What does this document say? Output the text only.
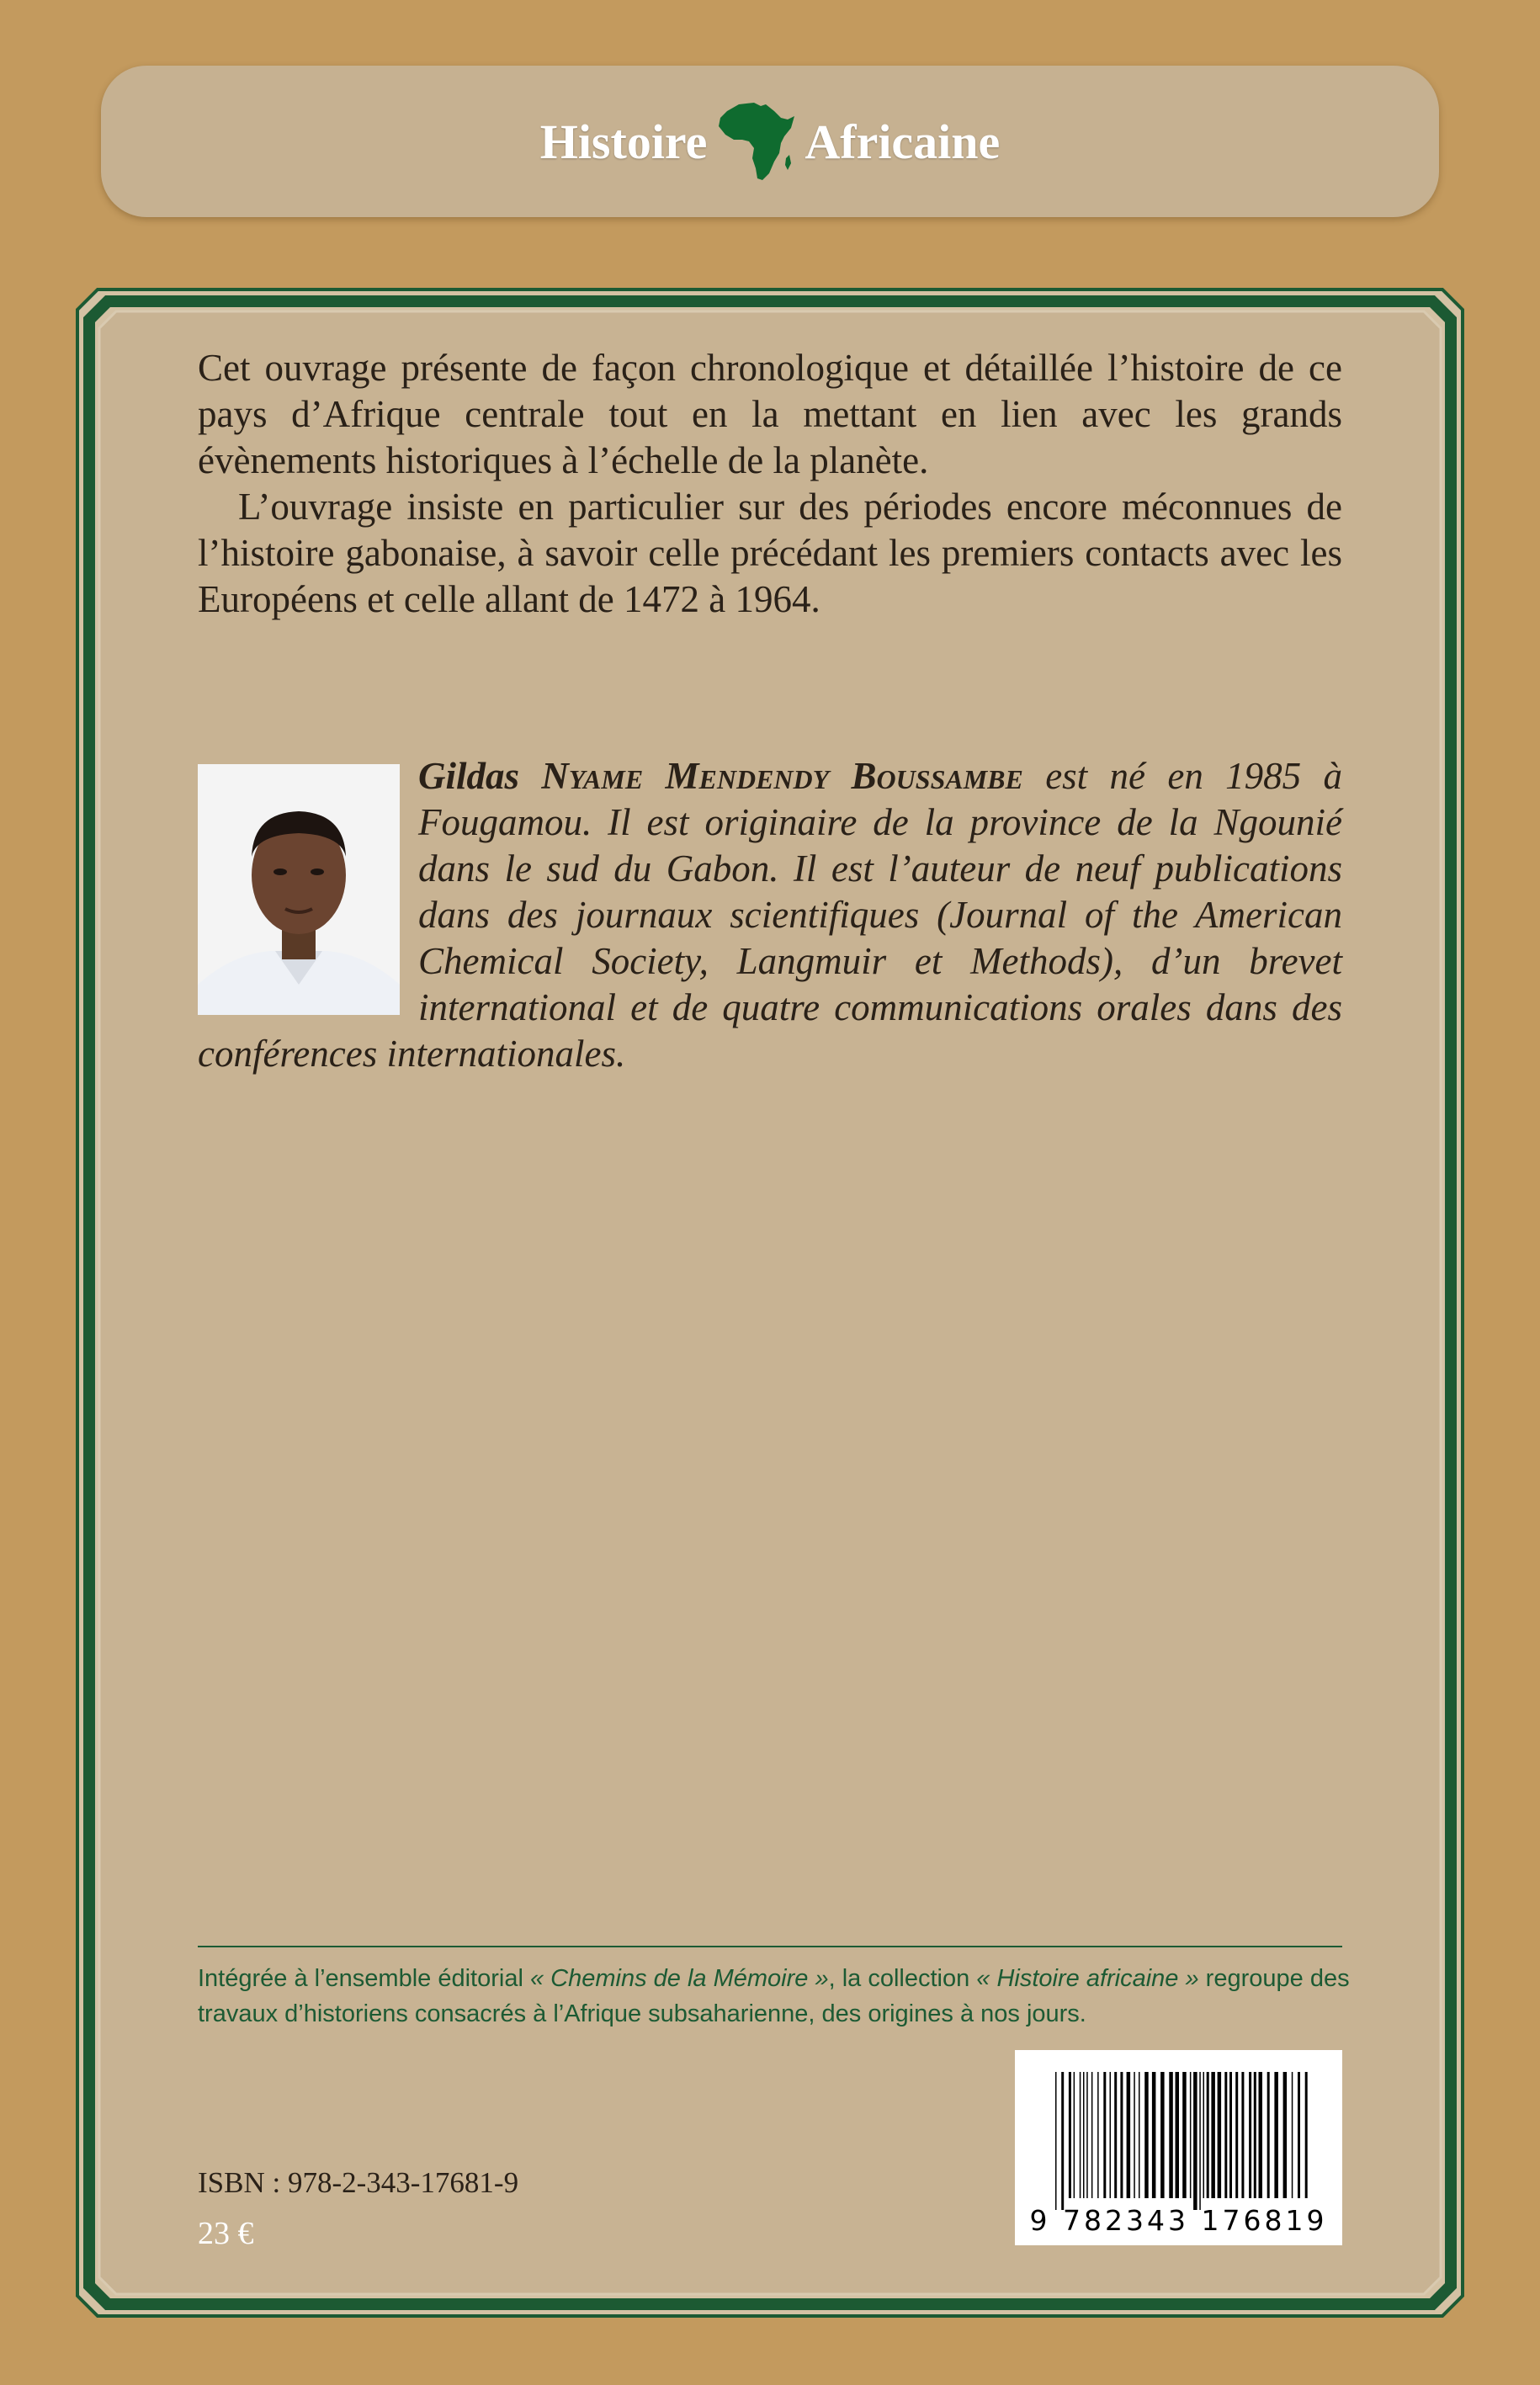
Histoire Africaine

Cet ouvrage présente de façon chronologique et détaillée l’histoire de ce pays d’Afrique centrale tout en la mettant en lien avec les grands évènements historiques à l’échelle de la planète.

L’ouvrage insiste en particulier sur des périodes encore méconnues de l’histoire gabonaise, à savoir celle précédant les premiers contacts avec les Européens et celle allant de 1472 à 1964.

Gildas Nyame Mendendy Boussambe est né en 1985 à Fougamou. Il est originaire de la province de la Ngounié dans le sud du Gabon. Il est l’auteur de neuf publications dans des journaux scientifiques (Journal of the American Chemical Society, Langmuir et Methods), d’un brevet international et de quatre communications orales dans des conférences internationales.
Intégrée à l’ensemble éditorial « Chemins de la Mémoire », la collection « Histoire africaine » regroupe des travaux d’historiens consacrés à l’Afrique subsaharienne, des origines à nos jours.
9 782343 176819
ISBN : 978-2-343-17681-9
23 €
